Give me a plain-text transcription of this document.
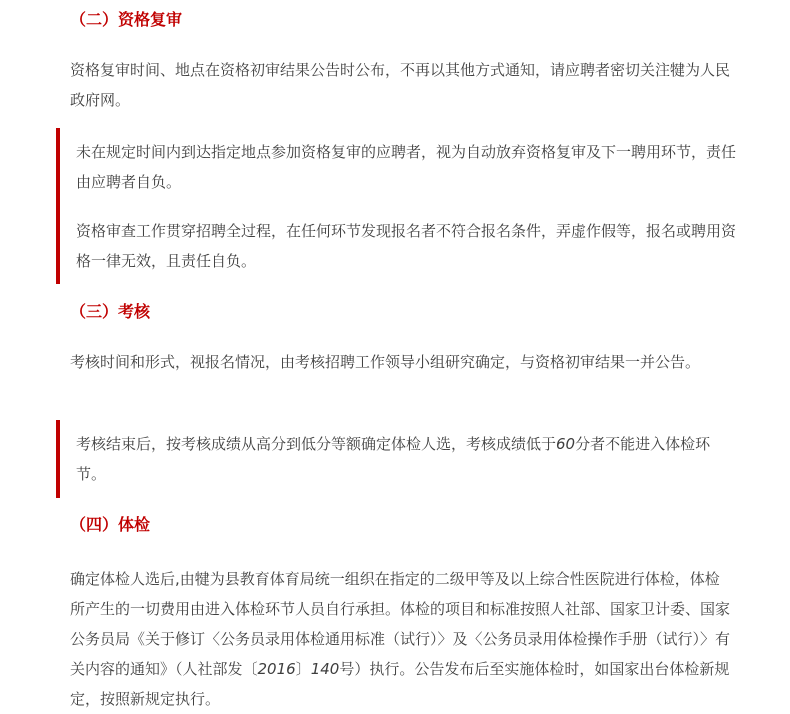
（二）资格复审

资格复审时间、地点在资格初审结果公告时公布，不再以其他方式通知，请应聘者密切关注犍为人民政府网。

未在规定时间内到达指定地点参加资格复审的应聘者，视为自动放弃资格复审及下一聘用环节，责任由应聘者自负。

资格审查工作贯穿招聘全过程，在任何环节发现报名者不符合报名条件，弄虚作假等，报名或聘用资格一律无效，且责任自负。

（三）考核

考核时间和形式，视报名情况，由考核招聘工作领导小组研究确定，与资格初审结果一并公告。

考核结束后，按考核成绩从高分到低分等额确定体检人选，考核成绩低于60分者不能进入体检环节。

（四）体检

确定体检人选后,由犍为县教育体育局统一组织在指定的二级甲等及以上综合性医院进行体检，体检所产生的一切费用由进入体检环节人员自行承担。体检的项目和标准按照人社部、国家卫计委、国家公务员局《关于修订〈公务员录用体检通用标准（试行）〉及〈公务员录用体检操作手册（试行）〉有关内容的通知》（人社部发〔2016〕140号）执行。公告发布后至实施体检时，如国家出台体检新规定，按照新规定执行。
